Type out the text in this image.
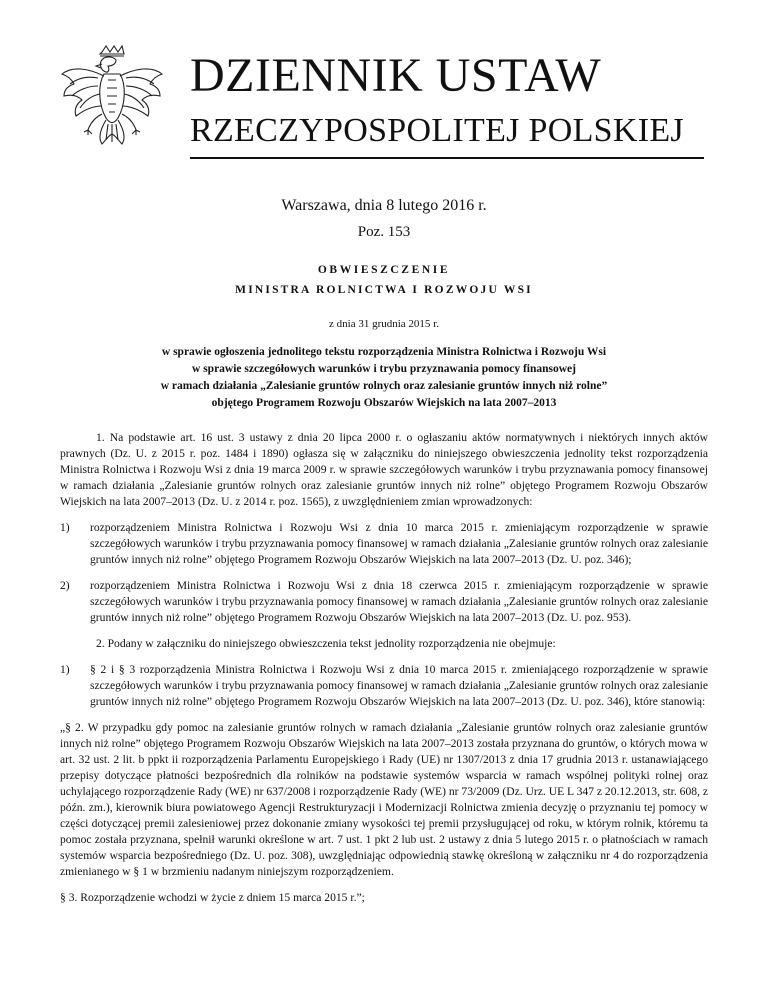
DZIENNIK USTAW
RZECZYPOSPOLITEJ POLSKIEJ
Warszawa, dnia 8 lutego 2016 r.
Poz. 153
OBWIESZCZENIE
MINISTRA ROLNICTWA I ROZWOJU WSI
z dnia 31 grudnia 2015 r.
w sprawie ogłoszenia jednolitego tekstu rozporządzenia Ministra Rolnictwa i Rozwoju Wsi
w sprawie szczegółowych warunków i trybu przyznawania pomocy finansowej
w ramach działania „Zalesianie gruntów rolnych oraz zalesianie gruntów innych niż rolne”
objętego Programem Rozwoju Obszarów Wiejskich na lata 2007–2013

1. Na podstawie art. 16 ust. 3 ustawy z dnia 20 lipca 2000 r. o ogłaszaniu aktów normatywnych i niektórych innych aktów prawnych (Dz. U. z 2015 r. poz. 1484 i 1890) ogłasza się w załączniku do niniejszego obwieszczenia jednolity tekst rozporządzenia Ministra Rolnictwa i Rozwoju Wsi z dnia 19 marca 2009 r. w sprawie szczegółowych warunków i trybu przyznawania pomocy finansowej w ramach działania „Zalesianie gruntów rolnych oraz zalesianie gruntów innych niż rolne” objętego Programem Rozwoju Obszarów Wiejskich na lata 2007–2013 (Dz. U. z 2014 r. poz. 1565), z uwzględnieniem zmian wprowadzonych:

1)	rozporządzeniem Ministra Rolnictwa i Rozwoju Wsi z dnia 10 marca 2015 r. zmieniającym rozporządzenie w sprawie szczegółowych warunków i trybu przyznawania pomocy finansowej w ramach działania „Zalesianie gruntów rolnych oraz zalesianie gruntów innych niż rolne” objętego Programem Rozwoju Obszarów Wiejskich na lata 2007–2013 (Dz. U. poz. 346);
2)	rozporządzeniem Ministra Rolnictwa i Rozwoju Wsi z dnia 18 czerwca 2015 r. zmieniającym rozporządzenie w sprawie szczegółowych warunków i trybu przyznawania pomocy finansowej w ramach działania „Zalesianie gruntów rolnych oraz zalesianie gruntów innych niż rolne” objętego Programem Rozwoju Obszarów Wiejskich na lata 2007–2013 (Dz. U. poz. 953).

2. Podany w załączniku do niniejszego obwieszczenia tekst jednolity rozporządzenia nie obejmuje:

1)	§ 2 i § 3 rozporządzenia Ministra Rolnictwa i Rozwoju Wsi z dnia 10 marca 2015 r. zmieniającego rozporządzenie w sprawie szczegółowych warunków i trybu przyznawania pomocy finansowej w ramach działania „Zalesianie gruntów rolnych oraz zalesianie gruntów innych niż rolne” objętego Programem Rozwoju Obszarów Wiejskich na lata 2007–2013 (Dz. U. poz. 346), które stanowią:

„§ 2. W przypadku gdy pomoc na zalesianie gruntów rolnych w ramach działania „Zalesianie gruntów rolnych oraz zalesianie gruntów innych niż rolne” objętego Programem Rozwoju Obszarów Wiejskich na lata 2007–2013 została przyznana do gruntów, o których mowa w art. 32 ust. 2 lit. b ppkt ii rozporządzenia Parlamentu Europejskiego i Rady (UE) nr 1307/2013 z dnia 17 grudnia 2013 r. ustanawiającego przepisy dotyczące płatności bezpośrednich dla rolników na podstawie systemów wsparcia w ramach wspólnej polityki rolnej oraz uchylającego rozporządzenie Rady (WE) nr 637/2008 i rozporządzenie Rady (WE) nr 73/2009 (Dz. Urz. UE L 347 z 20.12.2013, str. 608, z późn. zm.), kierownik biura powiatowego Agencji Restrukturyzacji i Modernizacji Rolnictwa zmienia decyzję o przyznaniu tej pomocy w części dotyczącej premii zalesieniowej przez dokonanie zmiany wysokości tej premii przysługującej od roku, w którym rolnik, któremu ta pomoc została przyznana, spełnił warunki określone w art. 7 ust. 1 pkt 2 lub ust. 2 ustawy z dnia 5 lutego 2015 r. o płatnościach w ramach systemów wsparcia bezpośredniego (Dz. U. poz. 308), uwzględniając odpowiednią stawkę określoną w załączniku nr 4 do rozporządzenia zmienianego w § 1 w brzmieniu nadanym niniejszym rozporządzeniem.

§ 3. Rozporządzenie wchodzi w życie z dniem 15 marca 2015 r.”;
